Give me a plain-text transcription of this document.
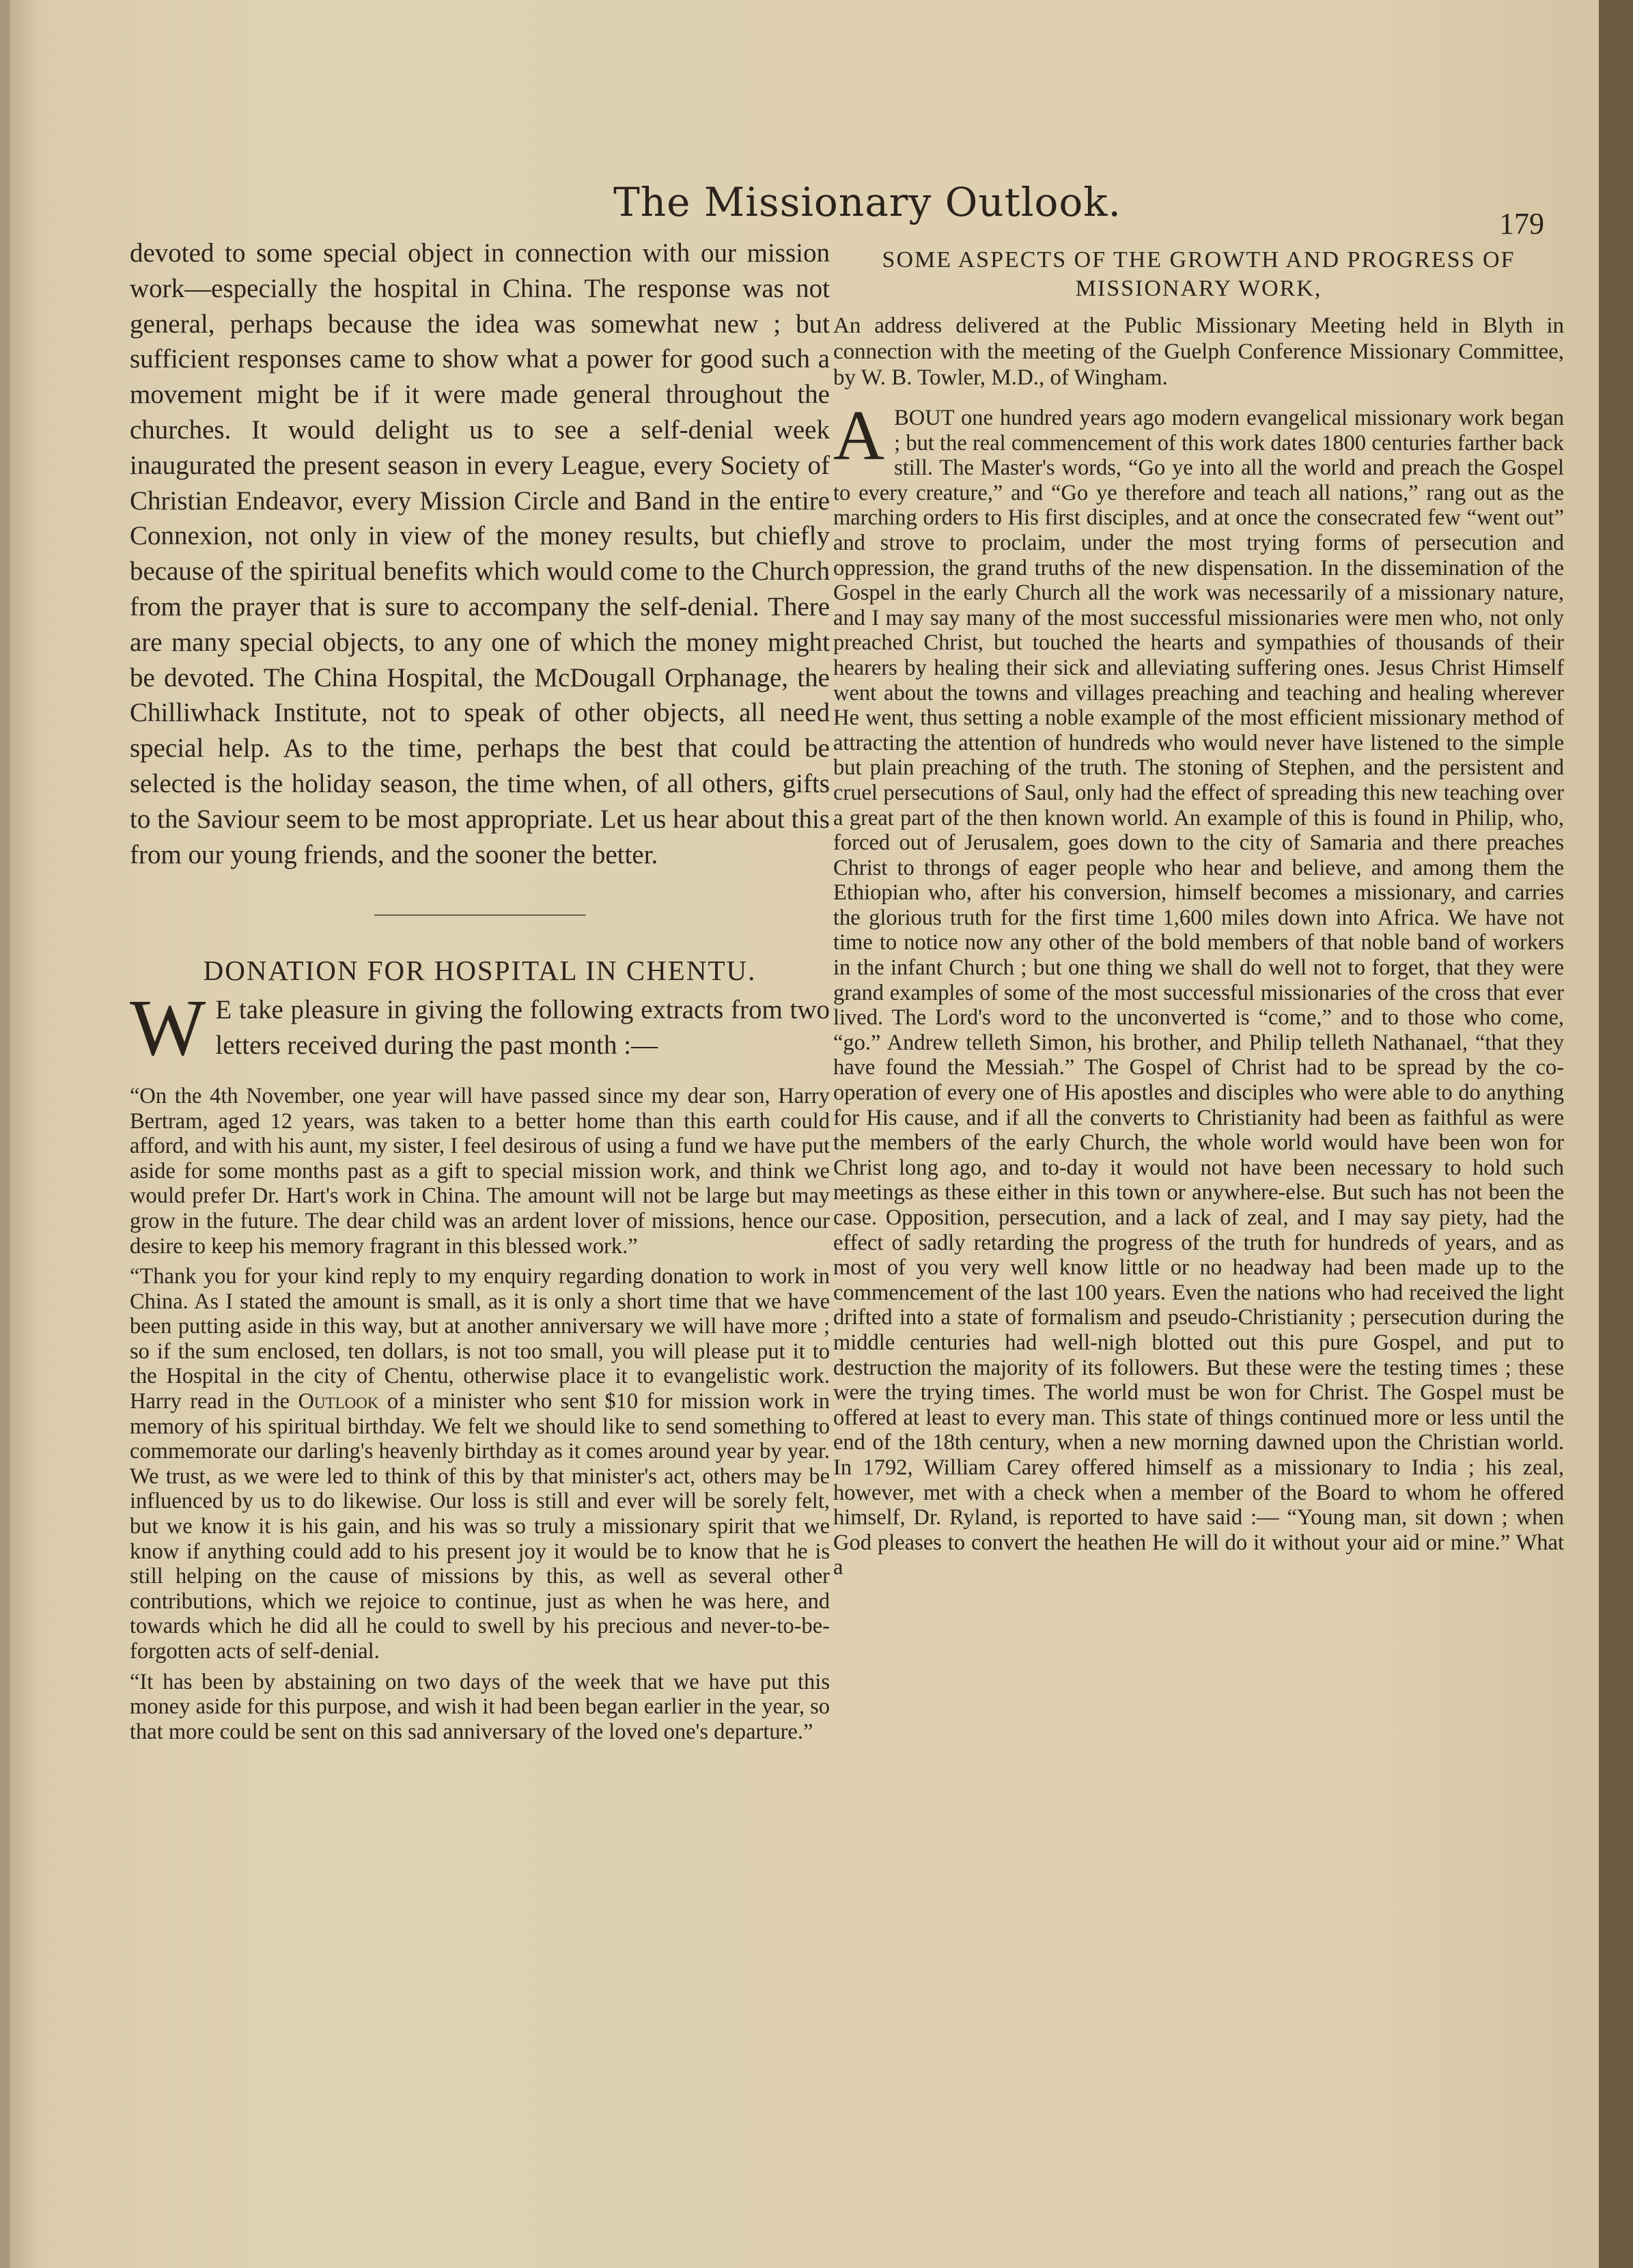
The Missionary Outlook.	179
devoted to some special object in connection with our mission work—especially the hospital in China. The response was not general, perhaps because the idea was somewhat new ; but sufficient responses came to show what a power for good such a movement might be if it were made general throughout the churches. It would delight us to see a self-denial week inaugurated the present season in every League, every Society of Christian Endeavor, every Mission Circle and Band in the entire Connexion, not only in view of the money results, but chiefly because of the spiritual benefits which would come to the Church from the prayer that is sure to accompany the self-denial. There are many special objects, to any one of which the money might be devoted. The China Hospital, the McDougall Orphanage, the Chilliwhack Institute, not to speak of other objects, all need special help. As to the time, perhaps the best that could be selected is the holiday season, the time when, of all others, gifts to the Saviour seem to be most appropriate. Let us hear about this from our young friends, and the sooner the better.
DONATION FOR HOSPITAL IN CHENTU.
W E take pleasure in giving the following extracts from two letters received during the past month :—

“On the 4th November, one year will have passed since my dear son, Harry Bertram, aged 12 years, was taken to a better home than this earth could afford, and with his aunt, my sister, I feel desirous of using a fund we have put aside for some months past as a gift to special mission work, and think we would prefer Dr. Hart's work in China. The amount will not be large but may grow in the future. The dear child was an ardent lover of missions, hence our desire to keep his memory fragrant in this blessed work.”

“Thank you for your kind reply to my enquiry regarding donation to work in China. As I stated the amount is small, as it is only a short time that we have been putting aside in this way, but at another anniversary we will have more ; so if the sum enclosed, ten dollars, is not too small, you will please put it to the Hospital in the city of Chentu, otherwise place it to evangelistic work. Harry read in the Outlook of a minister who sent $10 for mission work in memory of his spiritual birthday. We felt we should like to send something to commemorate our darling's heavenly birthday as it comes around year by year. We trust, as we were led to think of this by that minister's act, others may be influenced by us to do likewise. Our loss is still and ever will be sorely felt, but we know it is his gain, and his was so truly a missionary spirit that we know if anything could add to his present joy it would be to know that he is still helping on the cause of missions by this, as well as several other contributions, which we rejoice to continue, just as when he was here, and towards which he did all he could to swell by his precious and never-to-be-forgotten acts of self-denial.

“It has been by abstaining on two days of the week that we have put this money aside for this purpose, and wish it had been began earlier in the year, so that more could be sent on this sad anniversary of the loved one's departure.”

SOME ASPECTS OF THE GROWTH AND PROGRESS OF MISSIONARY WORK,
An address delivered at the Public Missionary Meeting held in Blyth in connection with the meeting of the Guelph Conference Missionary Committee, by W. B. Towler, M.D., of Wingham.
ABOUT one hundred years ago modern evangelical missionary work began ; but the real commencement of this work dates 1800 centuries farther back still. The Master's words, “Go ye into all the world and preach the Gospel to every creature,” and “Go ye therefore and teach all nations,” rang out as the marching orders to His first disciples, and at once the consecrated few “went out” and strove to proclaim, under the most trying forms of persecution and oppression, the grand truths of the new dispensation. In the dissemination of the Gospel in the early Church all the work was necessarily of a missionary nature, and I may say many of the most successful missionaries were men who, not only preached Christ, but touched the hearts and sympathies of thousands of their hearers by healing their sick and alleviating suffering ones. Jesus Christ Himself went about the towns and villages preaching and teaching and healing wherever He went, thus setting a noble example of the most efficient missionary method of attracting the attention of hundreds who would never have listened to the simple but plain preaching of the truth. The stoning of Stephen, and the persistent and cruel persecutions of Saul, only had the effect of spreading this new teaching over a great part of the then known world. An example of this is found in Philip, who, forced out of Jerusalem, goes down to the city of Samaria and there preaches Christ to throngs of eager people who hear and believe, and among them the Ethiopian who, after his conversion, himself becomes a missionary, and carries the glorious truth for the first time 1,600 miles down into Africa. We have not time to notice now any other of the bold members of that noble band of workers in the infant Church ; but one thing we shall do well not to forget, that they were grand examples of some of the most successful missionaries of the cross that ever lived. The Lord's word to the unconverted is “come,” and to those who come, “go.” Andrew telleth Simon, his brother, and Philip telleth Nathanael, “that they have found the Messiah.” The Gospel of Christ had to be spread by the co-operation of every one of His apostles and disciples who were able to do anything for His cause, and if all the converts to Christianity had been as faithful as were the members of the early Church, the whole world would have been won for Christ long ago, and to-day it would not have been necessary to hold such meetings as these either in this town or anywhere-else. But such has not been the case. Opposition, persecution, and a lack of zeal, and I may say piety, had the effect of sadly retarding the progress of the truth for hundreds of years, and as most of you very well know little or no headway had been made up to the commencement of the last 100 years. Even the nations who had received the light drifted into a state of formalism and pseudo-Christianity ; persecution during the middle centuries had well-nigh blotted out this pure Gospel, and put to destruction the majority of its followers. But these were the testing times ; these were the trying times. The world must be won for Christ. The Gospel must be offered at least to every man. This state of things continued more or less until the end of the 18th century, when a new morning dawned upon the Christian world. In 1792, William Carey offered himself as a missionary to India ; his zeal, however, met with a check when a member of the Board to whom he offered himself, Dr. Ryland, is reported to have said :— “Young man, sit down ; when God pleases to convert the heathen He will do it without your aid or mine.” What a
